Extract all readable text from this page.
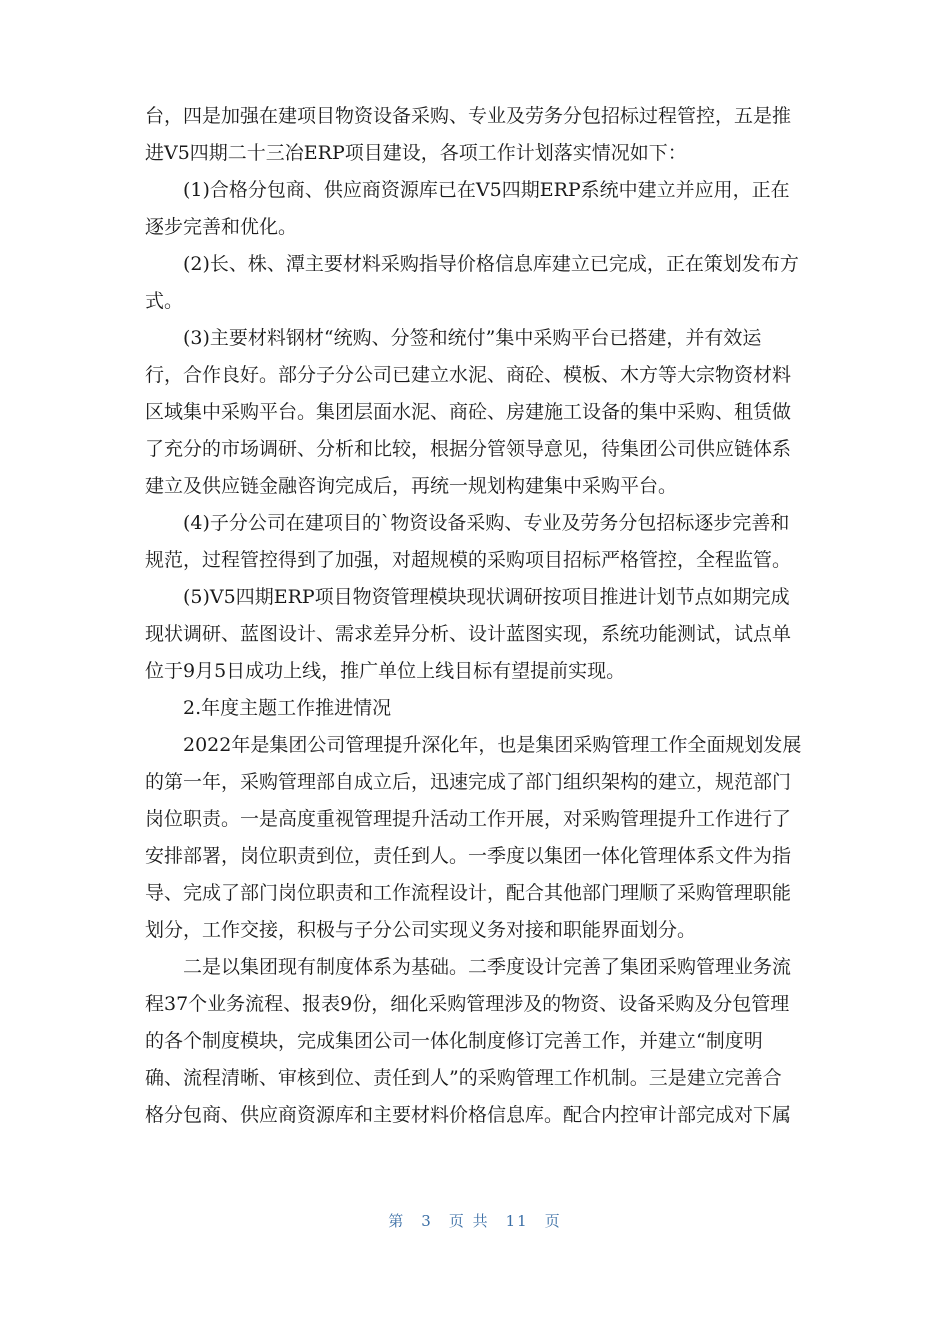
台，四是加强在建项目物资设备采购、专业及劳务分包招标过程管控，五是推
进V5四期二十三冶ERP项目建设，各项工作计划落实情况如下：
(1)合格分包商、供应商资源库已在V5四期ERP系统中建立并应用，正在
逐步完善和优化。
(2)长、株、潭主要材料采购指导价格信息库建立已完成，正在策划发布方
式。
(3)主要材料钢材“统购、分签和统付”集中采购平台已搭建，并有效运
行，合作良好。部分子分公司已建立水泥、商砼、模板、木方等大宗物资材料
区域集中采购平台。集团层面水泥、商砼、房建施工设备的集中采购、租赁做
了充分的市场调研、分析和比较，根据分管领导意见，待集团公司供应链体系
建立及供应链金融咨询完成后，再统一规划构建集中采购平台。
(4)子分公司在建项目的`物资设备采购、专业及劳务分包招标逐步完善和
规范，过程管控得到了加强，对超规模的采购项目招标严格管控，全程监管。
(5)V5四期ERP项目物资管理模块现状调研按项目推进计划节点如期完成
现状调研、蓝图设计、需求差异分析、设计蓝图实现，系统功能测试，试点单
位于9月5日成功上线，推广单位上线目标有望提前实现。
2.年度主题工作推进情况
2022年是集团公司管理提升深化年，也是集团采购管理工作全面规划发展
的第一年，采购管理部自成立后，迅速完成了部门组织架构的建立，规范部门
岗位职责。一是高度重视管理提升活动工作开展，对采购管理提升工作进行了
安排部署，岗位职责到位，责任到人。一季度以集团一体化管理体系文件为指
导、完成了部门岗位职责和工作流程设计，配合其他部门理顺了采购管理职能
划分，工作交接，积极与子分公司实现义务对接和职能界面划分。
二是以集团现有制度体系为基础。二季度设计完善了集团采购管理业务流
程37个业务流程、报表9份，细化采购管理涉及的物资、设备采购及分包管理
的各个制度模块，完成集团公司一体化制度修订完善工作，并建立“制度明
确、流程清晰、审核到位、责任到人”的采购管理工作机制。三是建立完善合
格分包商、供应商资源库和主要材料价格信息库。配合内控审计部完成对下属
第 3 页 共 11 页
